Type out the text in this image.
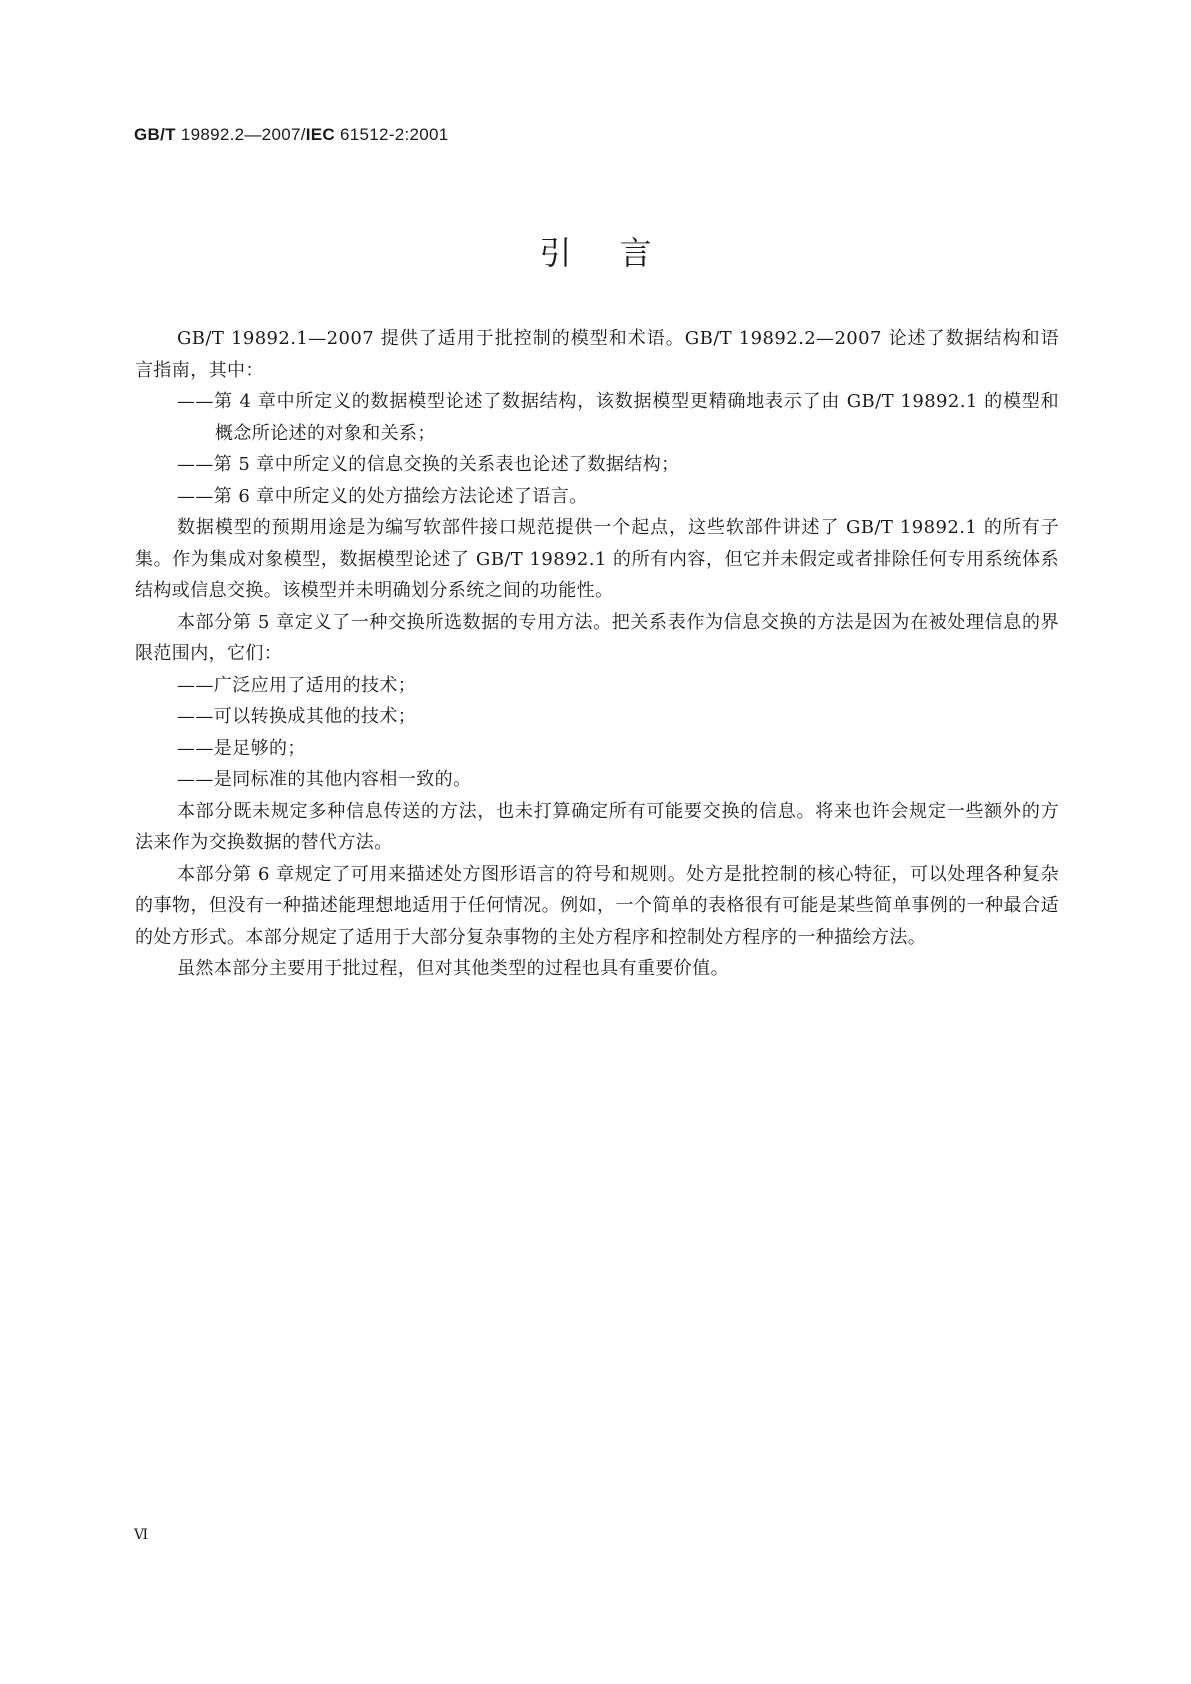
GB/T 19892.2—2007/IEC 61512-2:2001
引言

GB/T 19892.1—2007 提供了适用于批控制的模型和术语。GB/T 19892.2—2007 论述了数据结构和语言指南，其中：

——第 4 章中所定义的数据模型论述了数据结构，该数据模型更精确地表示了由 GB/T 19892.1 的模型和概念所论述的对象和关系；

——第 5 章中所定义的信息交换的关系表也论述了数据结构；

——第 6 章中所定义的处方描绘方法论述了语言。

数据模型的预期用途是为编写软部件接口规范提供一个起点，这些软部件讲述了 GB/T 19892.1 的所有子集。作为集成对象模型，数据模型论述了 GB/T 19892.1 的所有内容，但它并未假定或者排除任何专用系统体系结构或信息交换。该模型并未明确划分系统之间的功能性。

本部分第 5 章定义了一种交换所选数据的专用方法。把关系表作为信息交换的方法是因为在被处理信息的界限范围内，它们：

——广泛应用了适用的技术；

——可以转换成其他的技术；

——是足够的；

——是同标准的其他内容相一致的。

本部分既未规定多种信息传送的方法，也未打算确定所有可能要交换的信息。将来也许会规定一些额外的方法来作为交换数据的替代方法。

本部分第 6 章规定了可用来描述处方图形语言的符号和规则。处方是批控制的核心特征，可以处理各种复杂的事物，但没有一种描述能理想地适用于任何情况。例如，一个简单的表格很有可能是某些简单事例的一种最合适的处方形式。本部分规定了适用于大部分复杂事物的主处方程序和控制处方程序的一种描绘方法。

虽然本部分主要用于批过程，但对其他类型的过程也具有重要价值。

Ⅵ
